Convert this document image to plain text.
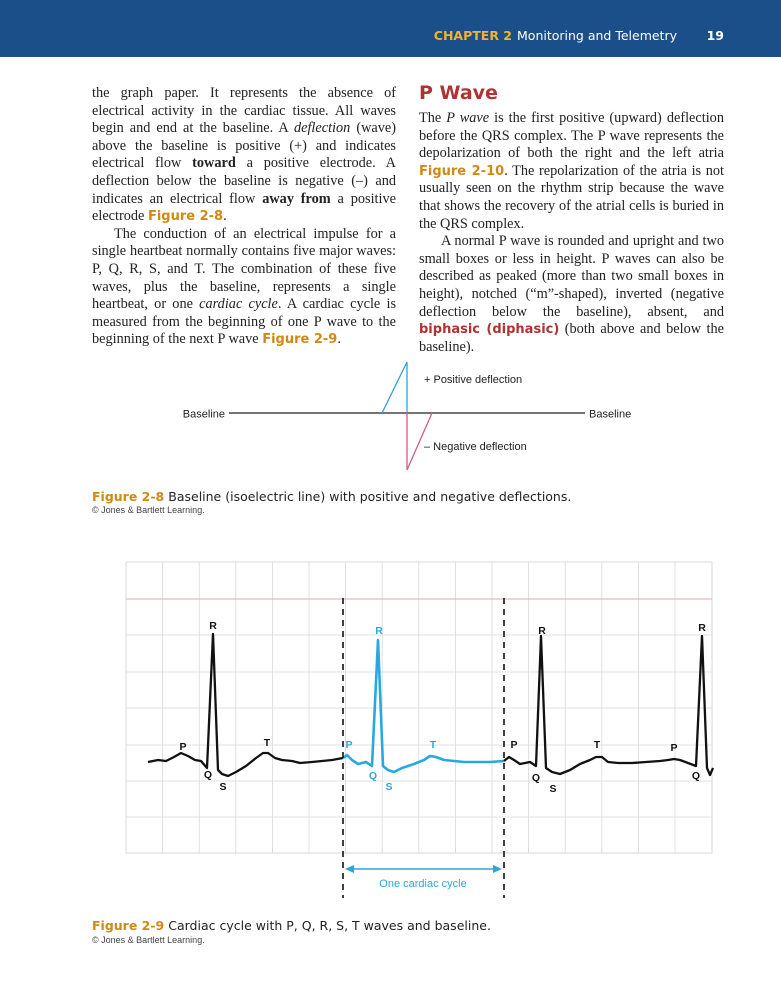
CHAPTER 2 Monitoring and Telemetry 19

the graph paper. It represents the absence of electrical activity in the cardiac tissue. All waves begin and end at the baseline. A deflection (wave) above the baseline is positive (+) and indicates electrical flow toward a positive electrode. A deflection below the baseline is negative (–) and indicates an electrical flow away from a positive electrode Figure 2-8.

The conduction of an electrical impulse for a single heartbeat normally contains five major waves: P, Q, R, S, and T. The combination of these five waves, plus the baseline, represents a single heartbeat, or one cardiac cycle. A cardiac cycle is measured from the beginning of one P wave to the beginning of the next P wave Figure 2-9.

P Wave

The P wave is the first positive (upward) deflection before the QRS complex. The P wave represents the depolarization of both the right and the left atria Figure 2-10. The repolarization of the atria is not usually seen on the rhythm strip because the wave that shows the recovery of the atrial cells is buried in the QRS complex.

A normal P wave is rounded and upright and two small boxes or less in height. P waves can also be described as peaked (more than two small boxes in height), notched (“m”-shaped), inverted (negative deflection below the baseline), absent, and biphasic (diphasic) (both above and below the baseline).

Baseline	Baseline
+ Positive deflection
– Negative deflection
Figure 2-8 Baseline (isoelectric line) with positive and negative deflections.
© Jones & Bartlett Learning.
One cardiac cycle
R
P	T
Q
S
R
P	T
Q
S
R
P	T
Q
S
R
P
Q
Figure 2-9 Cardiac cycle with P, Q, R, S, T waves and baseline.
© Jones & Bartlett Learning.
